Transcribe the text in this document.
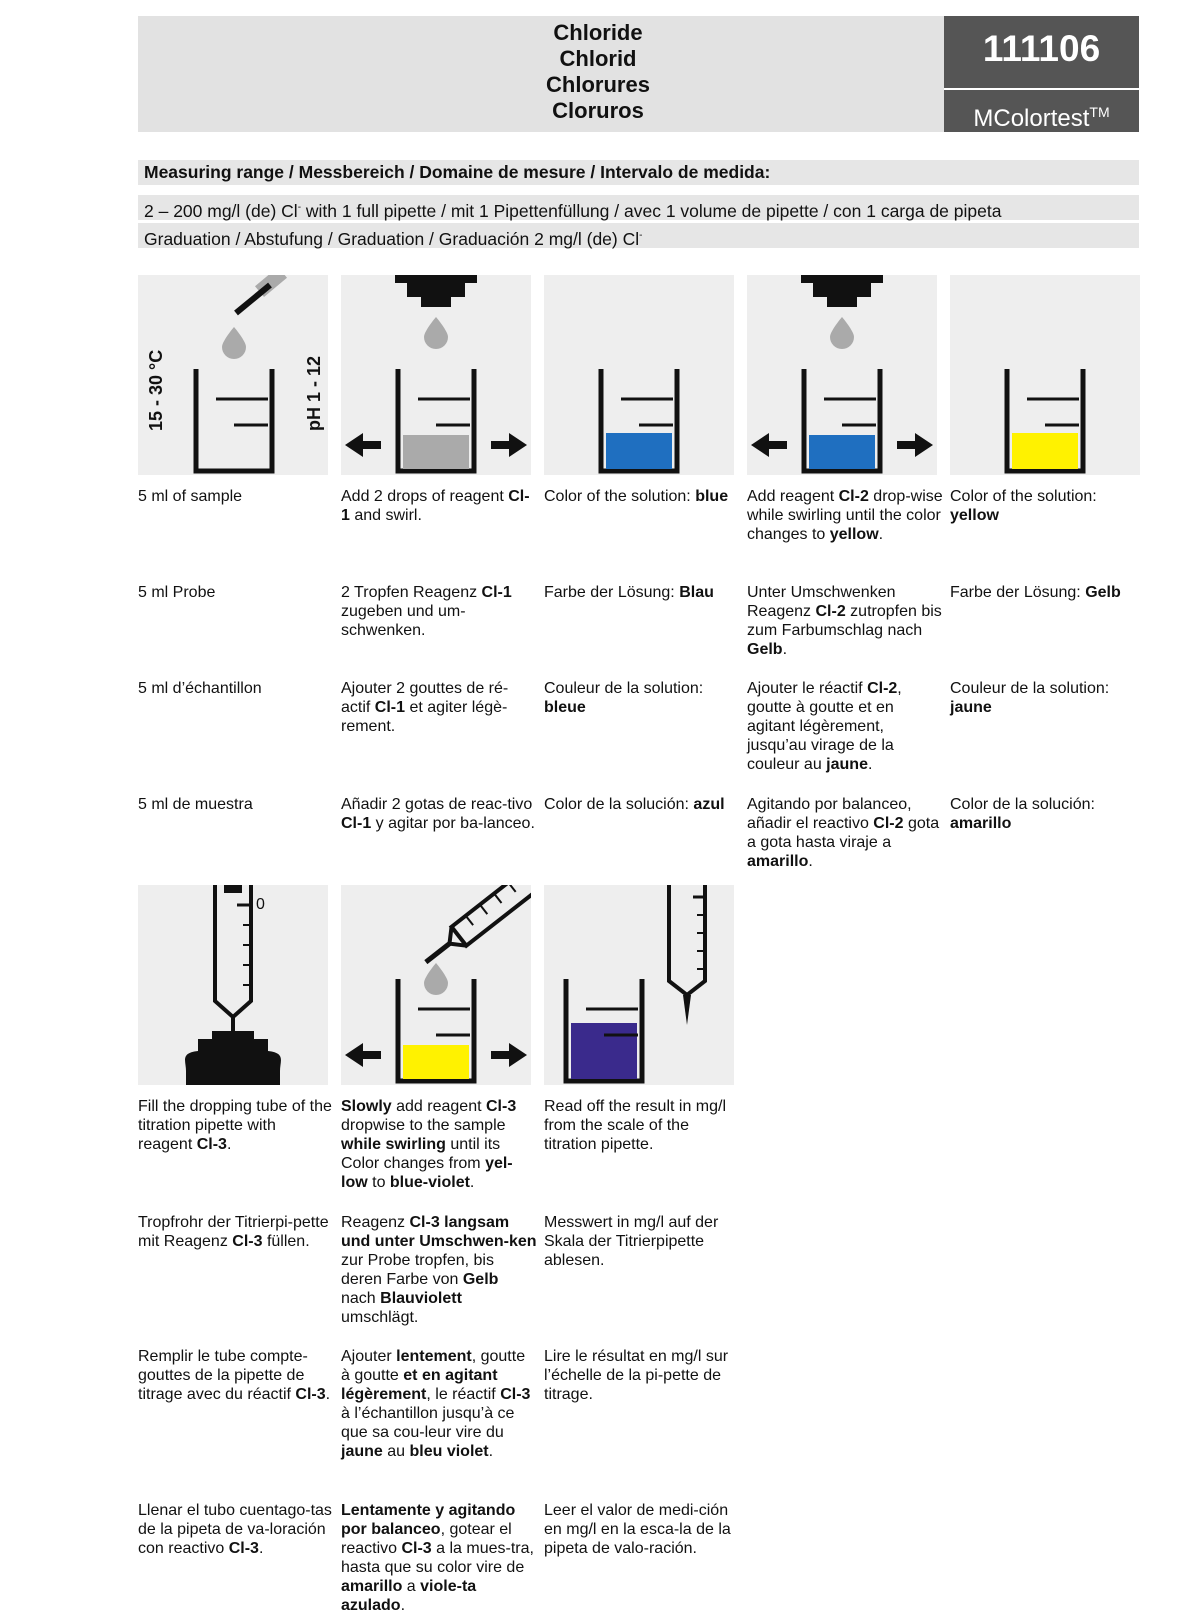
Chloride
Chlorid
Chlorures
Cloruros
111106
MColortest™
Measuring range / Messbereich / Domaine de mesure / Intervalo de medida:
2 – 200 mg/l (de) Cl- with 1 full pipette / mit 1 Pipettenfüllung / avec 1 volume de pipette / con 1 carga de pipeta
Graduation / Abstufung / Graduation / Graduación 2 mg/l (de) Cl-
15 - 30 °C	pH 1 - 12
0
5 ml of sample
5 ml Probe
5 ml d’échantillon
5 ml de muestra
Add 2 drops of reagent Cl-1 and swirl.
2 Tropfen Reagenz Cl-1 zugeben und um-schwenken.
Ajouter 2 gouttes de ré-actif Cl-1 et agiter légè-rement.
Añadir 2 gotas de reac-tivo Cl-1 y agitar por ba-lanceo.
Color of the solution: blue
Farbe der Lösung: Blau
Couleur de la solution: bleue
Color de la solución: azul
Add reagent Cl-2 drop-wise while swirling until the color changes to yellow.
Unter Umschwenken Reagenz Cl-2 zutropfen bis zum Farbumschlag nach Gelb.
Ajouter le réactif Cl-2, goutte à goutte et en agitant légèrement, jusqu’au virage de la couleur au jaune.
Agitando por balanceo, añadir el reactivo Cl-2 gota a gota hasta viraje a amarillo.
Color of the solution: yellow
Farbe der Lösung: Gelb
Couleur de la solution: jaune
Color de la solución: amarillo
Fill the dropping tube of the titration pipette with reagent Cl-3.
Tropfrohr der Titrierpi-pette mit Reagenz Cl-3 füllen.
Remplir le tube compte-gouttes de la pipette de titrage avec du réactif Cl-3.
Llenar el tubo cuentago-tas de la pipeta de va-loración con reactivo Cl-3.
Slowly add reagent Cl-3 dropwise to the sample while swirling until its Color changes from yel-low to blue-violet.
Reagenz Cl-3 langsam und unter Umschwen-ken zur Probe tropfen, bis deren Farbe von Gelb nach Blauviolett umschlägt.
Ajouter lentement, goutte à goutte et en agitant légèrement, le réactif Cl-3 à l’échantillon jusqu’à ce que sa cou-leur vire du jaune au bleu violet.
Lentamente y agitando por balanceo, gotear el reactivo Cl-3 a la mues-tra, hasta que su color vire de amarillo a viole-ta azulado.
Read off the result in mg/l from the scale of the titration pipette.
Messwert in mg/l auf der Skala der Titrierpipette ablesen.
Lire le résultat en mg/l sur l’échelle de la pi-pette de titrage.
Leer el valor de medi-ción en mg/l en la esca-la de la pipeta de valo-ración.
